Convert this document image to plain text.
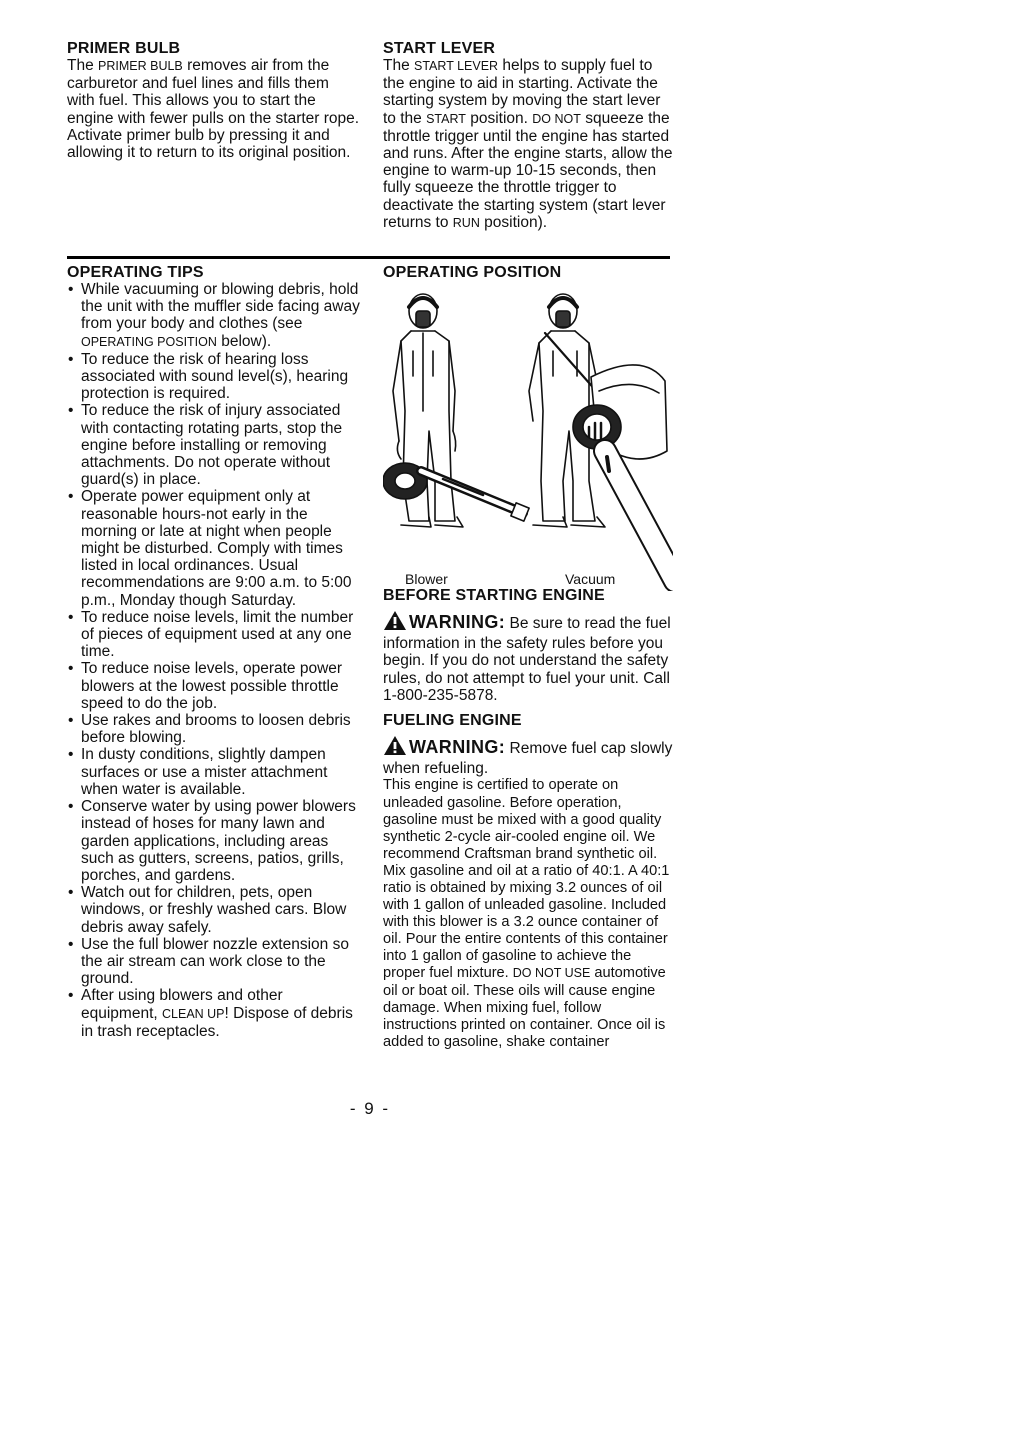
PRIMER BULB

The PRIMER BULB removes air from the carburetor and fuel lines and fills them with fuel. This allows you to start the engine with fewer pulls on the starter rope. Activate primer bulb by pressing it and allowing it to return to its original position.

START LEVER

The START LEVER helps to supply fuel to the engine to aid in starting. Activate the starting system by moving the start lever to the START position. DO NOT squeeze the throttle trigger until the engine has started and runs. After the engine starts, allow the engine to warm-up 10-15 seconds, then fully squeeze the throttle trigger to deactivate the starting system (start lever returns to RUN position).

OPERATING TIPS
• While vacuuming or blowing debris, hold the unit with the muffler side facing away from your body and clothes (see OPERATING POSITION below).
• To reduce the risk of hearing loss associated with sound level(s), hearing protection is required.
• To reduce the risk of injury associated with contacting rotating parts, stop the engine before installing or removing attachments. Do not operate without guard(s) in place.
• Operate power equipment only at reasonable hours-not early in the morning or late at night when people might be disturbed. Comply with times listed in local ordinances. Usual recommendations are 9:00 a.m. to 5:00 p.m., Monday though Saturday.
• To reduce noise levels, limit the number of pieces of equipment used at any one time.
• To reduce noise levels, operate power blowers at the lowest possible throttle speed to do the job.
• Use rakes and brooms to loosen debris before blowing.
• In dusty conditions, slightly dampen surfaces or use a mister attachment when water is available.
• Conserve water by using power blowers instead of hoses for many lawn and garden applications, including areas such as gutters, screens, patios, grills, porches, and gardens.
• Watch out for children, pets, open windows, or freshly washed cars. Blow debris away safely.
• Use the full blower nozzle extension so the air stream can work close to the ground.
• After using blowers and other equipment, CLEAN UP! Dispose of debris in trash receptacles.
OPERATING POSITION
Blower	Vacuum
BEFORE STARTING ENGINE

WARNING: Be sure to read the fuel information in the safety rules before you begin. If you do not understand the safety rules, do not attempt to fuel your unit. Call 1-800-235-5878.

FUELING ENGINE

WARNING: Remove fuel cap slowly when refueling.

This engine is certified to operate on unleaded gasoline. Before operation, gasoline must be mixed with a good quality synthetic 2-cycle air-cooled engine oil. We recommend Craftsman brand synthetic oil. Mix gasoline and oil at a ratio of 40:1. A 40:1 ratio is obtained by mixing 3.2 ounces of oil with 1 gallon of unleaded gasoline. Included with this blower is a 3.2 ounce container of oil. Pour the entire contents of this container into 1 gallon of gasoline to achieve the proper fuel mixture. DO NOT USE automotive oil or boat oil. These oils will cause engine damage. When mixing fuel, follow instructions printed on container. Once oil is added to gasoline, shake container

- 9 -
